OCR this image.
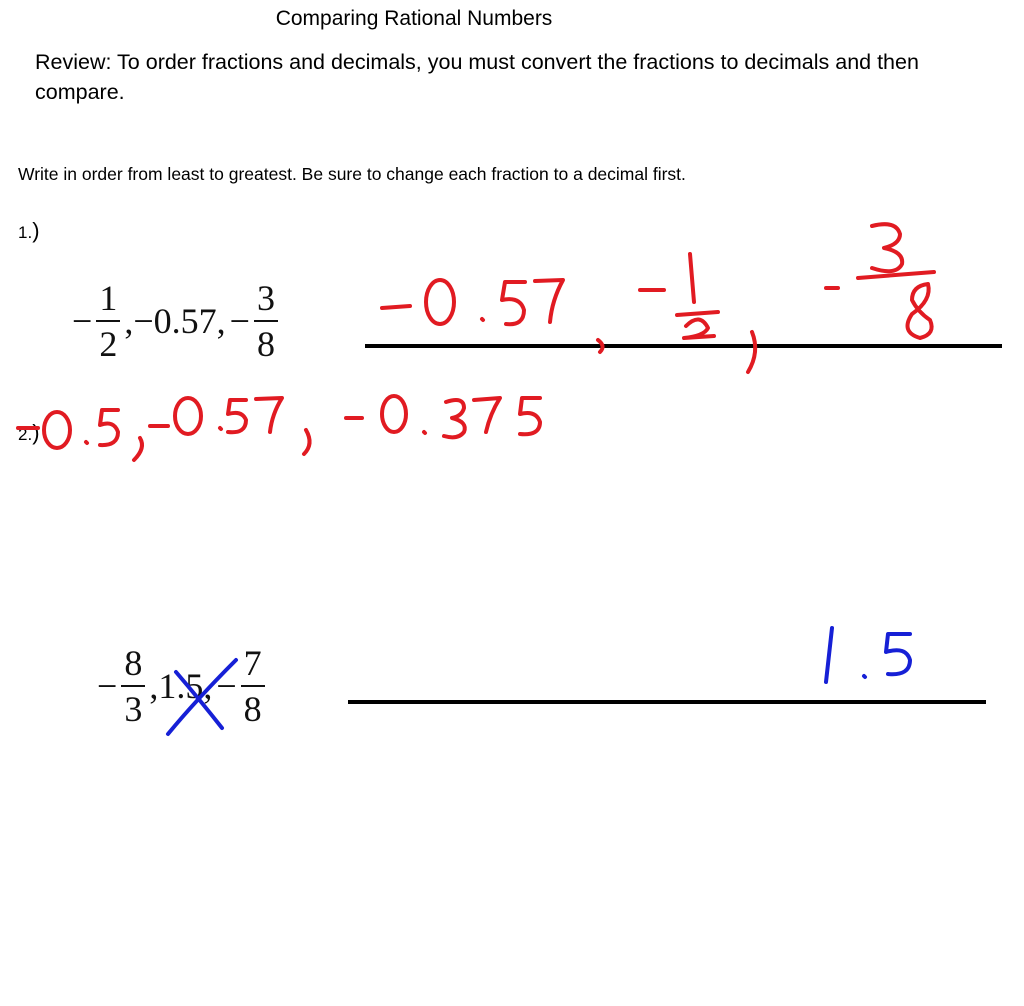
Comparing Rational Numbers
Review: To order fractions and decimals, you must convert the fractions to decimals and then compare.
Write in order from least to greatest. Be sure to change each fraction to a decimal first.
1.)
− $\frac{1}{2} ,-0.57$, − $\frac{3}{8}$
2.)
− $\frac{8}{3} ,1.5$, − $\frac{7}{8}$
